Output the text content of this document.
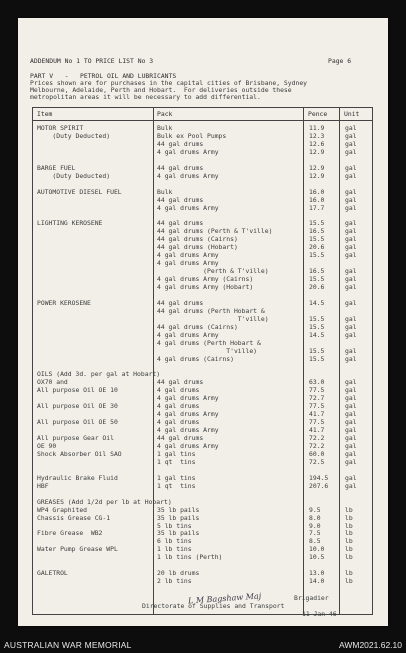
ADDENDUM No 1 TO PRICE LIST No 3	Page 6
PART V   -   PETROL OIL AND LUBRICANTS
Prices shown are for purchases in the capital cities of Brisbane, Sydney
Melbourne, Adelaide, Perth and Hobart.  For deliveries outside these
metropolitan areas it will be necessary to add differential.
Item	Pack	Pence	Unit
MOTOR SPIRIT	Bulk	11.9	gal
(Duty Deducted)	Bulk ex Pool Pumps	12.3	gal
44 gal drums	12.6	gal
4 gal drums Army	12.9	gal
BARGE FUEL	44 gal drums	12.9	gal
(Duty Deducted)	4 gal drums Army	12.9	gal
AUTOMOTIVE DIESEL FUEL	Bulk	16.0	gal
44 gal drums	16.0	gal
4 gal drums Army	17.7	gal
LIGHTING KEROSENE	44 gal drums	15.5	gal
44 gal drums (Perth & T'ville)	16.5	gal
44 gal drums (Cairns)	15.5	gal
44 gal drums (Hobart)	20.6	gal
4 gal drums Army	15.5	gal
4 gal drums Army
(Perth & T'ville)	16.5	gal
4 gal drums Army (Cairns)	15.5	gal
4 gal drums Army (Hobart)	20.6	gal
POWER KEROSENE	44 gal drums	14.5	gal
44 gal drums (Perth Hobart &
T'ville)	15.5	gal
44 gal drums (Cairns)	15.5	gal
4 gal drums Army	14.5	gal
4 gal drums (Perth Hobart &
T'ville)	15.5	gal
4 gal drums (Cairns)	15.5	gal
OILS (Add 3d. per gal at Hobart)
OX70 and	44 gal drums	63.0	gal
All purpose Oil OE 10	4 gal drums	77.5	gal
4 gal drums Army	72.7	gal
All purpose Oil OE 30	4 gal drums	77.5	gal
4 gal drums Army	41.7	gal
All purpose Oil OE 50	4 gal drums	77.5	gal
4 gal drums Army	41.7	gal
All purpose Gear Oil	44 gal drums	72.2	gal
OE 90	4 gal drums Army	72.2	gal
Shock Absorber Oil SAO	1 gal tins	60.0	gal
1 qt  tins	72.5	gal
Hydraulic Brake Fluid	1 gal tins	194.5	gal
HBF	1 qt  tins	207.6	gal
GREASES (Add 1/2d per lb at Hobart)
WP4 Graphited	35 lb pails	9.5	lb
Chassis Grease CG-1	35 lb pails	8.0	lb
5 lb tins	9.0	lb
Fibre Grease  WB2	35 lb pails	7.5	lb
6 lb tins	8.5	lb
Water Pump Grease WPL	1 lb tins	10.0	lb
1 lb tins (Perth)	10.5	lb
GALETROL	20 lb drums	13.0	lb
2 lb tins	14.0	lb
L M Bagshaw Maj	Brigadier
Directorate of Supplies and Transport
11 Jan 46
AUSTRALIAN WAR MEMORIAL	AWM2021.62.10
